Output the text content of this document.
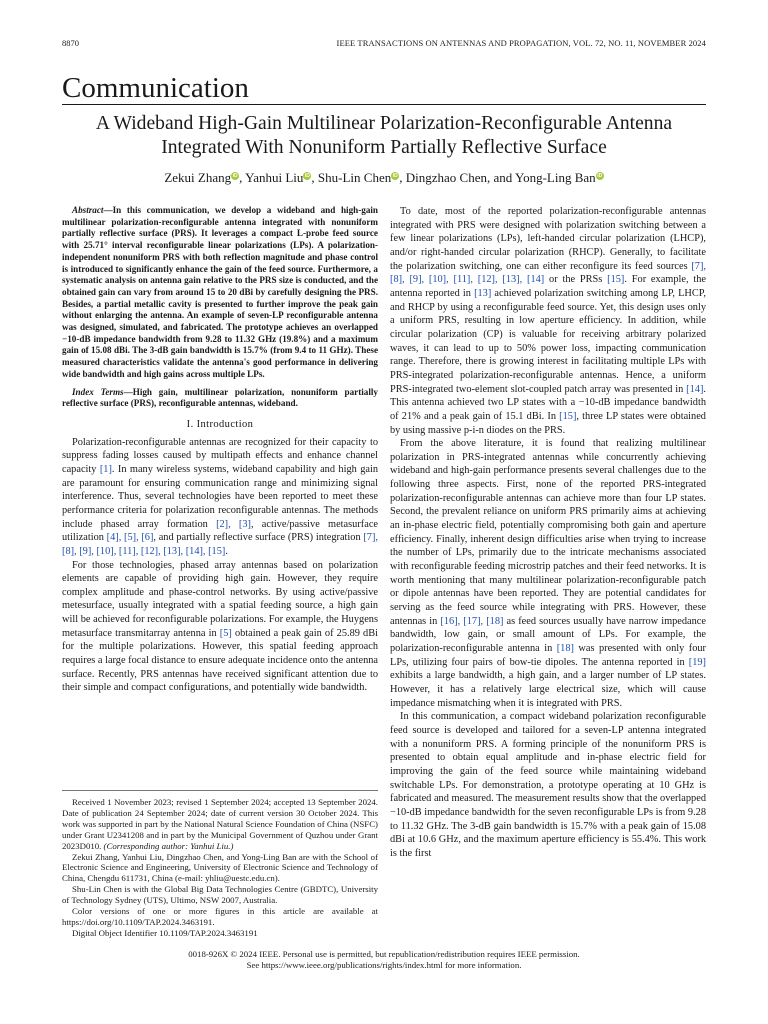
8870	IEEE TRANSACTIONS ON ANTENNAS AND PROPAGATION, VOL. 72, NO. 11, NOVEMBER 2024
Communication
A Wideband High-Gain Multilinear Polarization-Reconfigurable Antenna
Integrated With Nonuniform Partially Reflective Surface
Zekui Zhang iD , Yanhui Liu iD , Shu-Lin Chen iD , Dingzhao Chen, and Yong-Ling Ban iD

Abstract—In this communication, we develop a wideband and high-gain multilinear polarization-reconfigurable antenna integrated with nonuniform partially reflective surface (PRS). It leverages a compact L-probe feed source with 25.71° interval reconfigurable linear polarizations (LPs). A polarization-independent nonuniform PRS with both reflection magnitude and phase control is introduced to significantly enhance the gain of the feed source. Furthermore, a systematic analysis on antenna gain relative to the PRS size is conducted, and the obtained gain can vary from around 15 to 20 dBi by carefully designing the PRS. Besides, a partial metallic cavity is presented to further improve the peak gain without enlarging the antenna. An example of seven-LP reconfigurable antenna was designed, simulated, and fabricated. The prototype achieves an overlapped −10-dB impedance bandwidth from 9.28 to 11.32 GHz (19.8%) and a maximum gain of 15.08 dBi. The 3-dB gain bandwidth is 15.7% (from 9.4 to 11 GHz). These measured characteristics validate the antenna's good performance in delivering wide bandwidth and high gains across multiple LPs.

Index Terms—High gain, multilinear polarization, nonuniform partially reflective surface (PRS), reconfigurable antennas, wideband.

I. Introduction

Polarization-reconfigurable antennas are recognized for their capacity to suppress fading losses caused by multipath effects and enhance channel capacity [1]. In many wireless systems, wideband capability and high gain are paramount for ensuring communication range and minimizing signal interference. Thus, several technologies have been reported to meet these performance criteria for polarization reconfigurable antennas. The methods include phased array formation [2], [3], active/passive metasurface utilization [4], [5], [6], and partially reflective surface (PRS) integration [7], [8], [9], [10], [11], [12], [13], [14], [15].

For those technologies, phased array antennas based on polarization elements are capable of providing high gain. However, they require complex amplitude and phase-control networks. By using active/passive metesurface, usually integrated with a spatial feeding source, a high gain will be achieved for reconfigurable polarizations. For example, the Huygens metasurface transmitarray antenna in [5] obtained a peak gain of 25.89 dBi for the multiple polarizations. However, this spatial feeding approach requires a large focal distance to ensure adequate incidence onto the antenna surface. Recently, PRS antennas have received significant attention due to their simple and compact configurations, and potentially wide bandwidth.

Received 1 November 2023; revised 1 September 2024; accepted 13 September 2024. Date of publication 24 September 2024; date of current version 30 October 2024. This work was supported in part by the National Natural Science Foundation of China (NSFC) under Grant U2341208 and in part by the Municipal Government of Quzhou under Grant 2023D010. (Corresponding author: Yanhui Liu.)

Zekui Zhang, Yanhui Liu, Dingzhao Chen, and Yong-Ling Ban are with the School of Electronic Science and Engineering, University of Electronic Science and Technology of China, Chengdu 611731, China (e-mail: yhliu@uestc.edu.cn).

Shu-Lin Chen is with the Global Big Data Technologies Centre (GBDTC), University of Technology Sydney (UTS), Ultimo, NSW 2007, Australia.

Color versions of one or more figures in this article are available at https://doi.org/10.1109/TAP.2024.3463191.

Digital Object Identifier 10.1109/TAP.2024.3463191

To date, most of the reported polarization-reconfigurable antennas integrated with PRS were designed with polarization switching between a few linear polarizations (LPs), left-handed circular polarization (LHCP), and/or right-handed circular polarization (RHCP). Generally, to facilitate the polarization switching, one can either reconfigure its feed sources [7], [8], [9], [10], [11], [12], [13], [14] or the PRSs [15]. For example, the antenna reported in [13] achieved polarization switching among LP, LHCP, and RHCP by using a reconfigurable feed source. Yet, this design uses only a uniform PRS, resulting in low aperture efficiency. In addition, while circular polarization (CP) is valuable for receiving arbitrary polarized waves, it can lead to up to 50% power loss, impacting communication range. Therefore, there is growing interest in facilitating multiple LPs with PRS-integrated polarization-reconfigurable antennas. Hence, a uniform PRS-integrated two-element slot-coupled patch array was presented in [14]. This antenna achieved two LP states with a −10-dB impedance bandwidth of 21% and a peak gain of 15.1 dBi. In [15], three LP states were obtained by using massive p-i-n diodes on the PRS.

From the above literature, it is found that realizing multilinear polarization in PRS-integrated antennas while concurrently achieving wideband and high-gain performance presents several challenges due to the following three aspects. First, none of the reported PRS-integrated polarization-reconfigurable antennas can achieve more than four LP states. Second, the prevalent reliance on uniform PRS primarily aims at achieving an in-phase electric field, potentially compromising both gain and aperture efficiency. Finally, inherent design difficulties arise when trying to increase the number of LPs, primarily due to the intricate mechanisms associated with reconfigurable feeding microstrip patches and their feed networks. It is worth mentioning that many multilinear polarization-reconfigurable patch or dipole antennas have been reported. They are potential candidates for serving as the feed source while integrating with PRS. However, these antennas in [16], [17], [18] as feed sources usually have narrow impedance bandwidth, low gain, or small amount of LPs. For example, the polarization-reconfigurable antenna in [18] was presented with only four LPs, utilizing four pairs of bow-tie dipoles. The antenna reported in [19] exhibits a large bandwidth, a high gain, and a larger number of LP states. However, it has a relatively large electrical size, which will cause impedance mismatching when it is integrated with PRS.

In this communication, a compact wideband polarization reconfigurable feed source is developed and tailored for a seven-LP antenna integrated with a nonuniform PRS. A forming principle of the nonuniform PRS is presented to obtain equal amplitude and in-phase electric field for improving the gain of the feed source while maintaining wideband switchable LPs. For demonstration, a prototype operating at 10 GHz is fabricated and measured. The measurement results show that the overlapped −10-dB impedance bandwidth for the seven reconfigurable LPs is from 9.28 to 11.32 GHz. The 3-dB gain bandwidth is 15.7% with a peak gain of 15.08 dBi at 10.6 GHz, and the maximum aperture efficiency is 55.4%. This work is the first

0018-926X © 2024 IEEE. Personal use is permitted, but republication/redistribution requires IEEE permission.
See https://www.ieee.org/publications/rights/index.html for more information.
